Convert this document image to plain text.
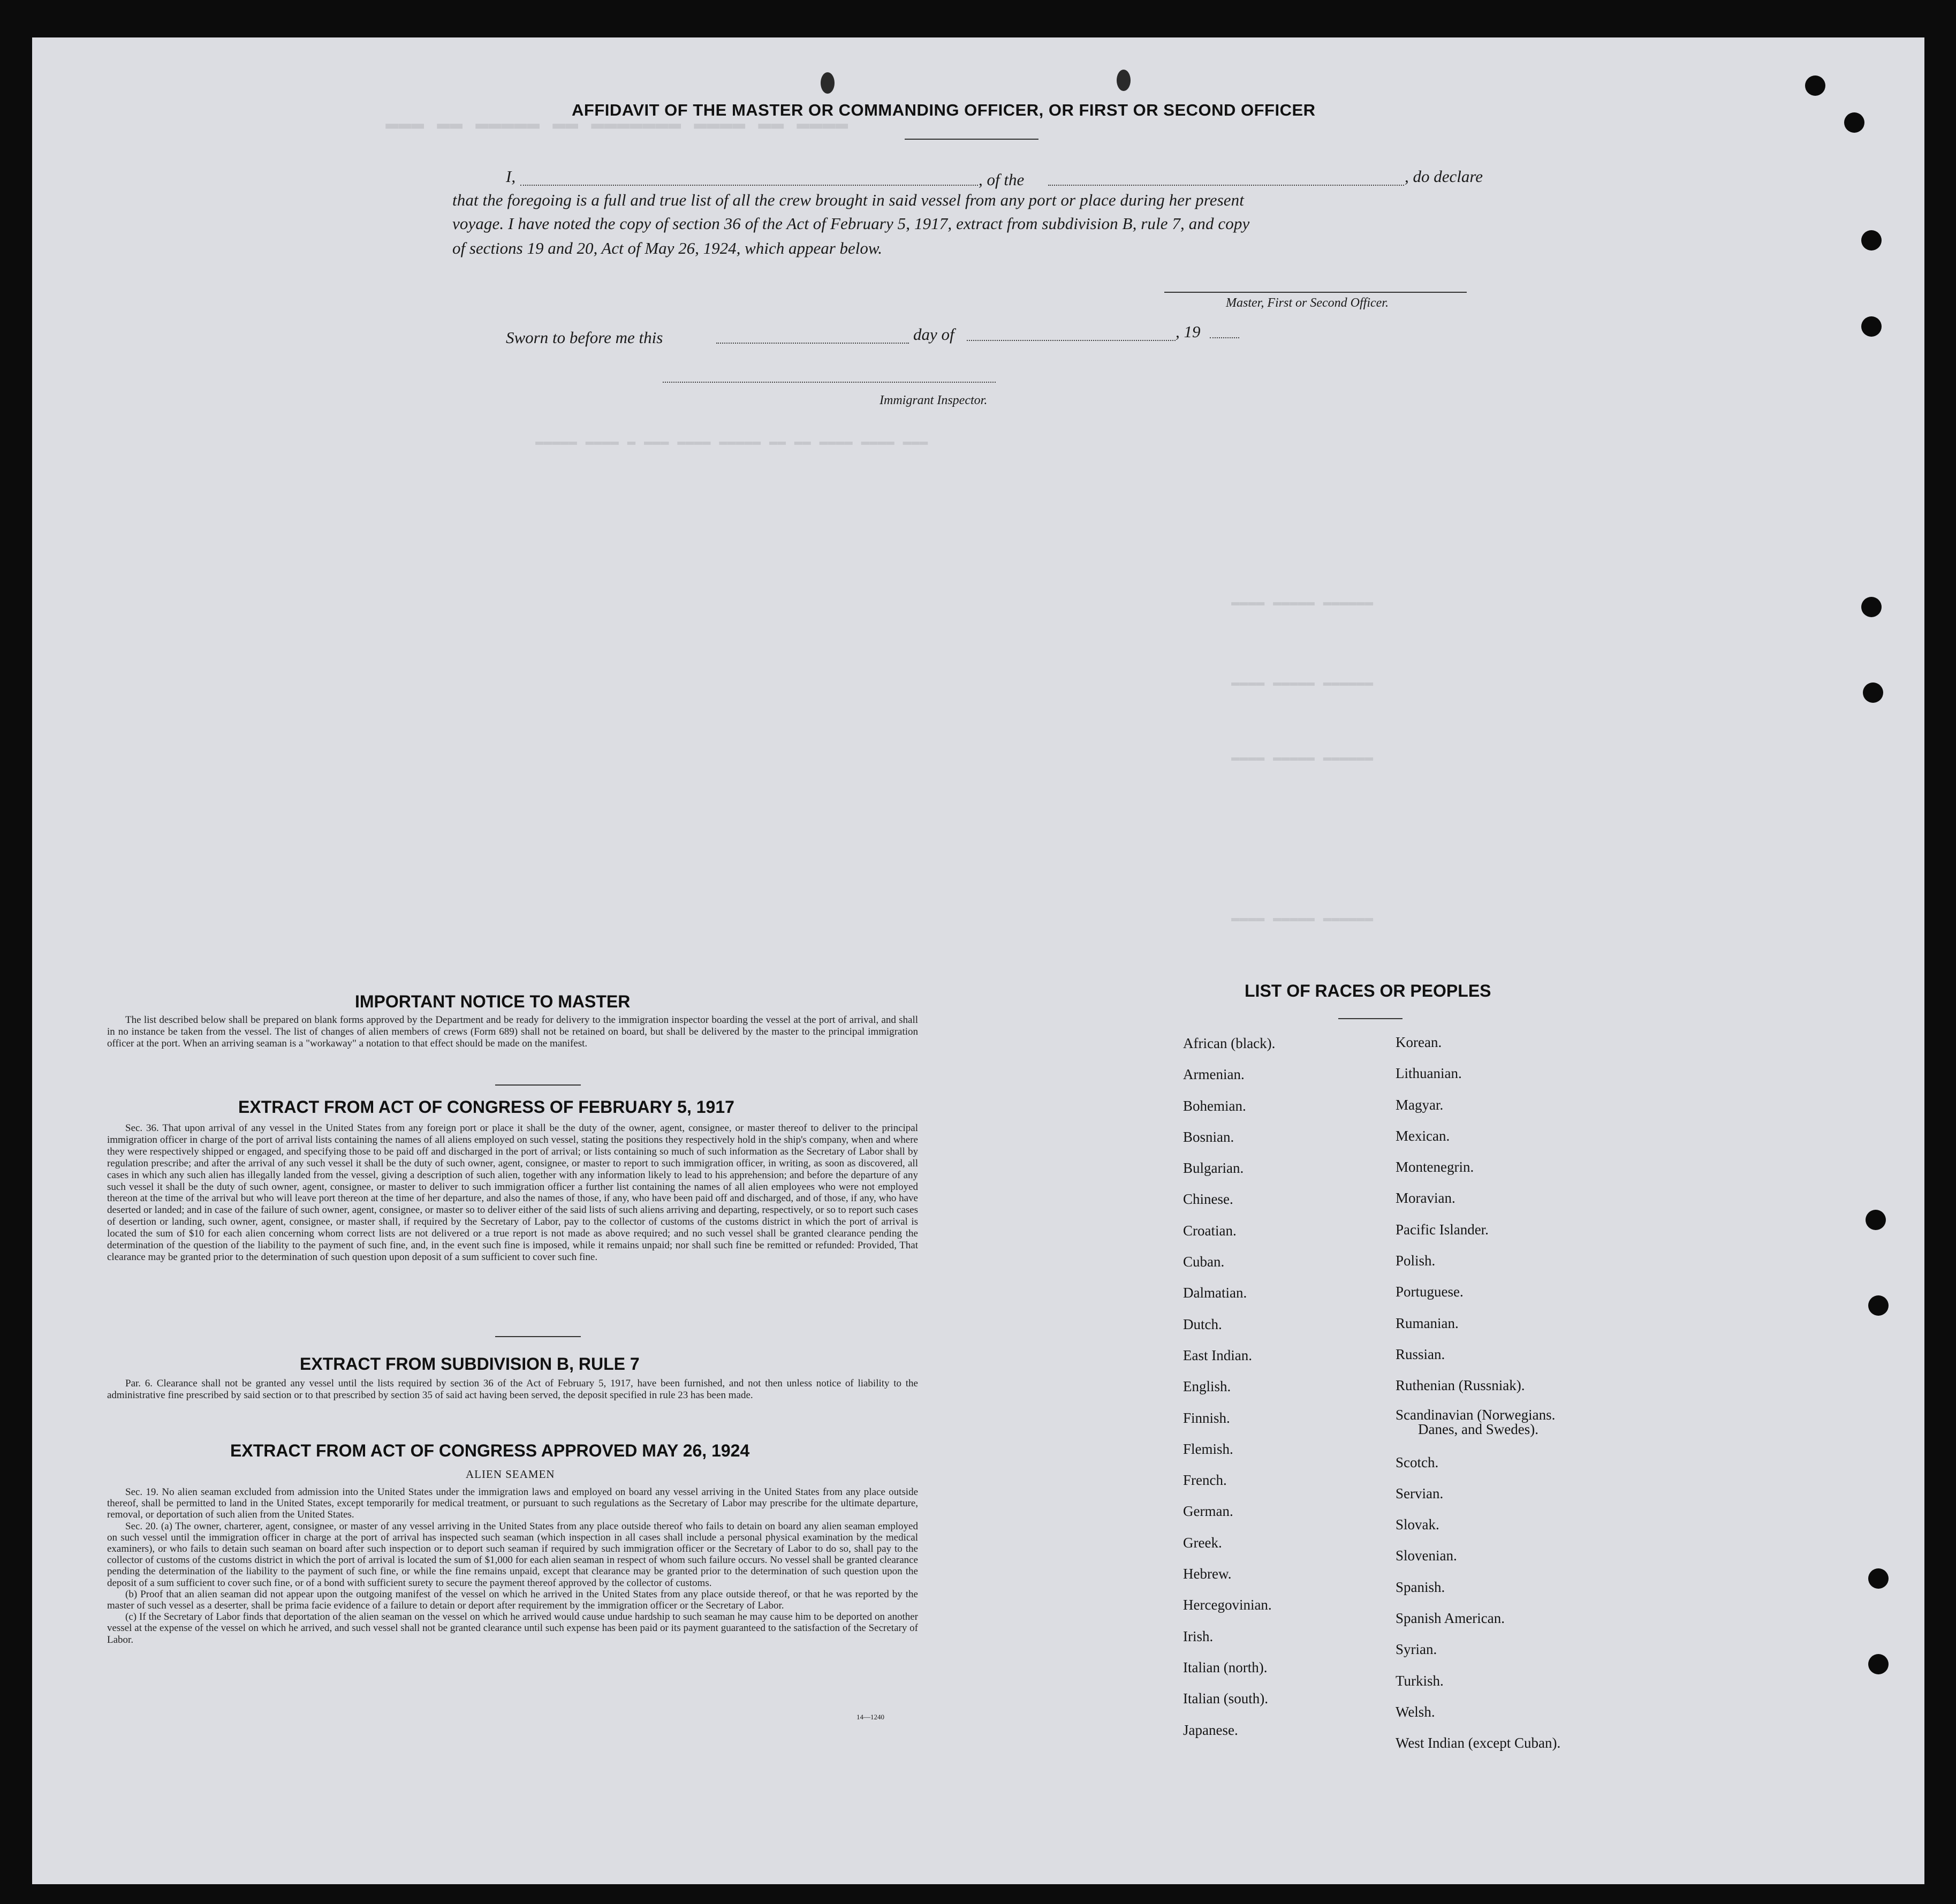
▬▬▬ ▬▬ ▬▬▬▬▬ ▬▬ ▬▬▬▬▬▬▬ ▬▬▬▬ ▬▬ ▬▬▬▬
▬▬▬▬▬ ▬▬▬▬ ▬ ▬▬▬ ▬▬▬▬ ▬▬▬▬▬ ▬▬ ▬▬ ▬▬▬▬ ▬▬▬▬ ▬▬▬
▬▬▬▬ ▬▬▬▬▬ ▬▬▬▬▬▬
▬▬▬▬ ▬▬▬▬▬ ▬▬▬▬▬▬
▬▬▬▬ ▬▬▬▬▬ ▬▬▬▬▬▬
▬▬▬▬ ▬▬▬▬▬ ▬▬▬▬▬▬
AFFIDAVIT OF THE MASTER OR COMMANDING OFFICER, OR FIRST OR SECOND OFFICER
I,	, of the	, do declare
that the foregoing is a full and true list of all the crew brought in said vessel from any port or place during her present
voyage. I have noted the copy of section 36 of the Act of February 5, 1917, extract from subdivision B, rule 7, and copy
of sections 19 and 20, Act of May 26, 1924, which appear below.
Master, First or Second Officer.
Sworn to before me this	day of	, 19
Immigrant Inspector.
IMPORTANT NOTICE TO MASTER

The list described below shall be prepared on blank forms approved by the Department and be ready for delivery to the immigration inspector boarding the vessel at the port of arrival, and shall in no instance be taken from the vessel. The list of changes of alien members of crews (Form 689) shall not be retained on board, but shall be delivered by the master to the principal immigration officer at the port. When an arriving seaman is a "workaway" a notation to that effect should be made on the manifest.

EXTRACT FROM ACT OF CONGRESS OF FEBRUARY 5, 1917

Sec. 36. That upon arrival of any vessel in the United States from any foreign port or place it shall be the duty of the owner, agent, consignee, or master thereof to deliver to the principal immigration officer in charge of the port of arrival lists containing the names of all aliens employed on such vessel, stating the positions they respectively hold in the ship's company, when and where they were respectively shipped or engaged, and specifying those to be paid off and discharged in the port of arrival; or lists containing so much of such information as the Secretary of Labor shall by regulation prescribe; and after the arrival of any such vessel it shall be the duty of such owner, agent, consignee, or master to report to such immigration officer, in writing, as soon as discovered, all cases in which any such alien has illegally landed from the vessel, giving a description of such alien, together with any information likely to lead to his apprehension; and before the departure of any such vessel it shall be the duty of such owner, agent, consignee, or master to deliver to such immigration officer a further list containing the names of all alien employees who were not employed thereon at the time of the arrival but who will leave port thereon at the time of her departure, and also the names of those, if any, who have been paid off and discharged, and of those, if any, who have deserted or landed; and in case of the failure of such owner, agent, consignee, or master so to deliver either of the said lists of such aliens arriving and departing, respectively, or so to report such cases of desertion or landing, such owner, agent, consignee, or master shall, if required by the Secretary of Labor, pay to the collector of customs of the customs district in which the port of arrival is located the sum of $10 for each alien concerning whom correct lists are not delivered or a true report is not made as above required; and no such vessel shall be granted clearance pending the determination of the question of the liability to the payment of such fine, and, in the event such fine is imposed, while it remains unpaid; nor shall such fine be remitted or refunded: Provided, That clearance may be granted prior to the determination of such question upon deposit of a sum sufficient to cover such fine.

EXTRACT FROM SUBDIVISION B, RULE 7

Par. 6. Clearance shall not be granted any vessel until the lists required by section 36 of the Act of February 5, 1917, have been furnished, and not then unless notice of liability to the administrative fine prescribed by said section or to that prescribed by section 35 of said act having been served, the deposit specified in rule 23 has been made.

EXTRACT FROM ACT OF CONGRESS APPROVED MAY 26, 1924
ALIEN SEAMEN

Sec. 19. No alien seaman excluded from admission into the United States under the immigration laws and employed on board any vessel arriving in the United States from any place outside thereof, shall be permitted to land in the United States, except temporarily for medical treatment, or pursuant to such regulations as the Secretary of Labor may prescribe for the ultimate departure, removal, or deportation of such alien from the United States.

Sec. 20. (a) The owner, charterer, agent, consignee, or master of any vessel arriving in the United States from any place outside thereof who fails to detain on board any alien seaman employed on such vessel until the immigration officer in charge at the port of arrival has inspected such seaman (which inspection in all cases shall include a personal physical examination by the medical examiners), or who fails to detain such seaman on board after such inspection or to deport such seaman if required by such immigration officer or the Secretary of Labor to do so, shall pay to the collector of customs of the customs district in which the port of arrival is located the sum of $1,000 for each alien seaman in respect of whom such failure occurs. No vessel shall be granted clearance pending the determination of the liability to the payment of such fine, or while the fine remains unpaid, except that clearance may be granted prior to the determination of such question upon the deposit of a sum sufficient to cover such fine, or of a bond with sufficient surety to secure the payment thereof approved by the collector of customs.

(b) Proof that an alien seaman did not appear upon the outgoing manifest of the vessel on which he arrived in the United States from any place outside thereof, or that he was reported by the master of such vessel as a deserter, shall be prima facie evidence of a failure to detain or deport after requirement by the immigration officer or the Secretary of Labor.

(c) If the Secretary of Labor finds that deportation of the alien seaman on the vessel on which he arrived would cause undue hardship to such seaman he may cause him to be deported on another vessel at the expense of the vessel on which he arrived, and such vessel shall not be granted clearance until such expense has been paid or its payment guaranteed to the satisfaction of the Secretary of Labor.

14—1240
LIST OF RACES OR PEOPLES
African (black).
Armenian.
Bohemian.
Bosnian.
Bulgarian.
Chinese.
Croatian.
Cuban.
Dalmatian.
Dutch.
East Indian.
English.
Finnish.
Flemish.
French.
German.
Greek.
Hebrew.
Hercegovinian.
Irish.
Italian (north).
Italian (south).
Japanese.
Korean.
Lithuanian.
Magyar.
Mexican.
Montenegrin.
Moravian.
Pacific Islander.
Polish.
Portuguese.
Rumanian.
Russian.
Ruthenian (Russniak).
Scandinavian (Norwegians.
Danes, and Swedes).
Scotch.
Servian.
Slovak.
Slovenian.
Spanish.
Spanish American.
Syrian.
Turkish.
Welsh.
West Indian (except Cuban).
